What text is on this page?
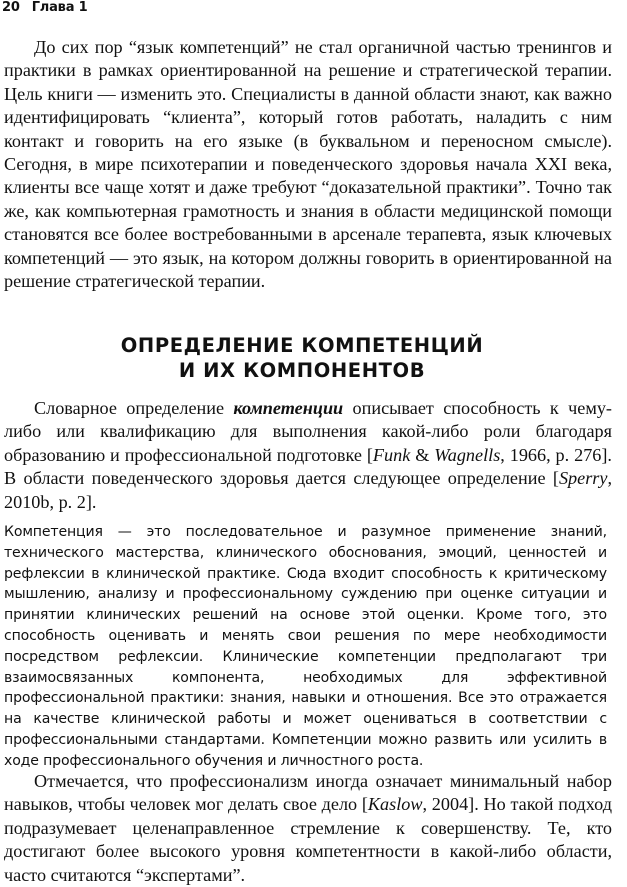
20 Глава 1

До сих пор “язык компетенций” не стал органичной частью тренингов и практики в рамках ориентированной на решение и стратегической терапии. Цель книги — изменить это. Специалисты в данной области знают, как важно идентифицировать “клиента”, который готов работать, наладить с ним контакт и говорить на его языке (в буквальном и переносном смысле). Сегодня, в мире психотерапии и поведенческого здоровья начала XXI века, клиенты все чаще хотят и даже требуют “доказательной практики”. Точно так же, как компьютерная грамотность и знания в области медицинской помощи становятся все более востребованными в арсенале терапевта, язык ключевых компетенций — это язык, на котором должны говорить в ориентированной на решение стратегической терапии.

ОПРЕДЕЛЕНИЕ КОМПЕТЕНЦИЙ
И ИХ КОМПОНЕНТОВ

Словарное определение компетенции описывает способность к чему-либо или квалификацию для выполнения какой-либо роли благодаря образованию и профессиональной подготовке [Funk & Wagnells, 1966, p. 276]. В области поведенческого здоровья дается следующее определение [Sperry, 2010b, p. 2].

Компетенция — это последовательное и разумное применение знаний, технического мастерства, клинического обоснования, эмоций, ценностей и рефлексии в клинической практике. Сюда входит способность к критическому мышлению, анализу и профессиональному суждению при оценке ситуации и принятии клинических решений на основе этой оценки. Кроме того, это способность оценивать и менять свои решения по мере необходимости посредством рефлексии. Клинические компетенции предполагают три взаимосвязанных компонента, необходимых для эффективной профессиональной практики: знания, навыки и отношения. Все это отражается на качестве клинической работы и может оцениваться в соответствии с профессиональными стандартами. Компетенции можно развить или усилить в ходе профессионального обучения и личностного роста.

Отмечается, что профессионализм иногда означает минимальный набор навыков, чтобы человек мог делать свое дело [Kaslow, 2004]. Но такой подход подразумевает целенаправленное стремление к совершенству. Те, кто достигают более высокого уровня компетентности в какой-либо области, часто считаются “экспертами”.
